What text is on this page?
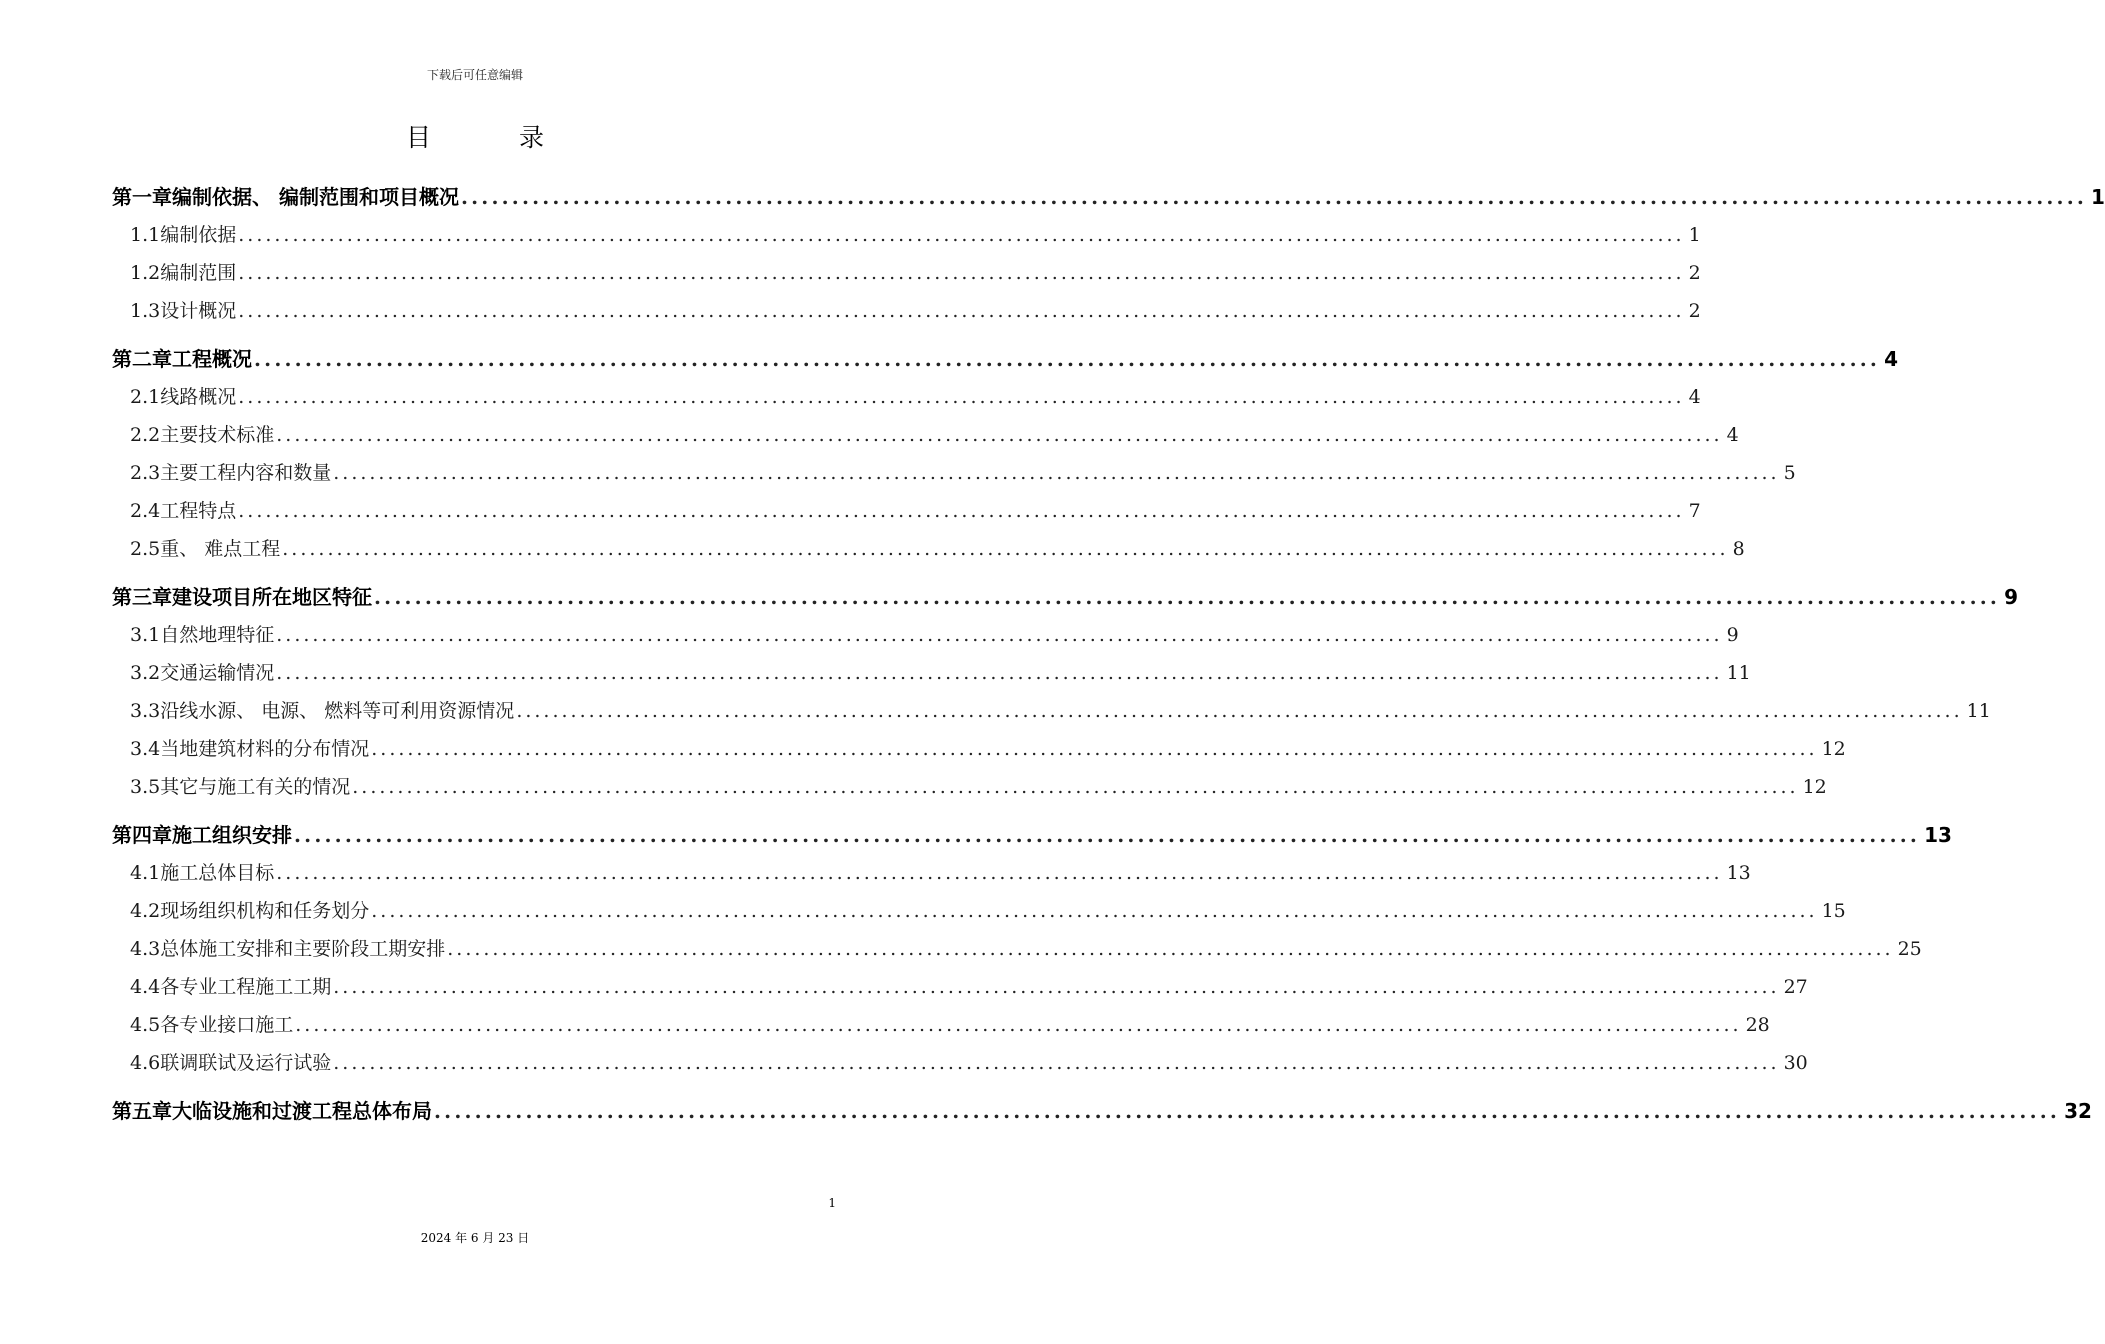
下载后可任意编辑
目 录
第一章 编制依据、 编制范围和项目概况 ................................................................................................................................................................ 1
1.1 编制依据 ................................................................................................................................................................ 1
1.2 编制范围 ................................................................................................................................................................ 2
1.3 设计概况 ................................................................................................................................................................ 2
第二章 工程概况 ................................................................................................................................................................ 4
2.1 线路概况 ................................................................................................................................................................ 4
2.2 主要技术标准 ................................................................................................................................................................ 4
2.3 主要工程内容和数量 ................................................................................................................................................................ 5
2.4 工程特点 ................................................................................................................................................................ 7
2.5 重、 难点工程 ................................................................................................................................................................ 8
第三章 建设项目所在地区特征 ................................................................................................................................................................ 9
3.1 自然地理特征 ................................................................................................................................................................ 9
3.2 交通运输情况 ................................................................................................................................................................ 11
3.3 沿线水源、 电源、 燃料等可利用资源情况 ................................................................................................................................................................ 11
3.4 当地建筑材料的分布情况 ................................................................................................................................................................ 12
3.5 其它与施工有关的情况 ................................................................................................................................................................ 12
第四章 施工组织安排 ................................................................................................................................................................ 13
4.1 施工总体目标 ................................................................................................................................................................ 13
4.2 现场组织机构和任务划分 ................................................................................................................................................................ 15
4.3 总体施工安排和主要阶段工期安排 ................................................................................................................................................................ 25
4.4 各专业工程施工工期 ................................................................................................................................................................ 27
4.5 各专业接口施工 ................................................................................................................................................................ 28
4.6 联调联试及运行试验 ................................................................................................................................................................ 30
第五章 大临设施和过渡工程总体布局 ................................................................................................................................................................ 32
1
2024 年 6 月 23 日
